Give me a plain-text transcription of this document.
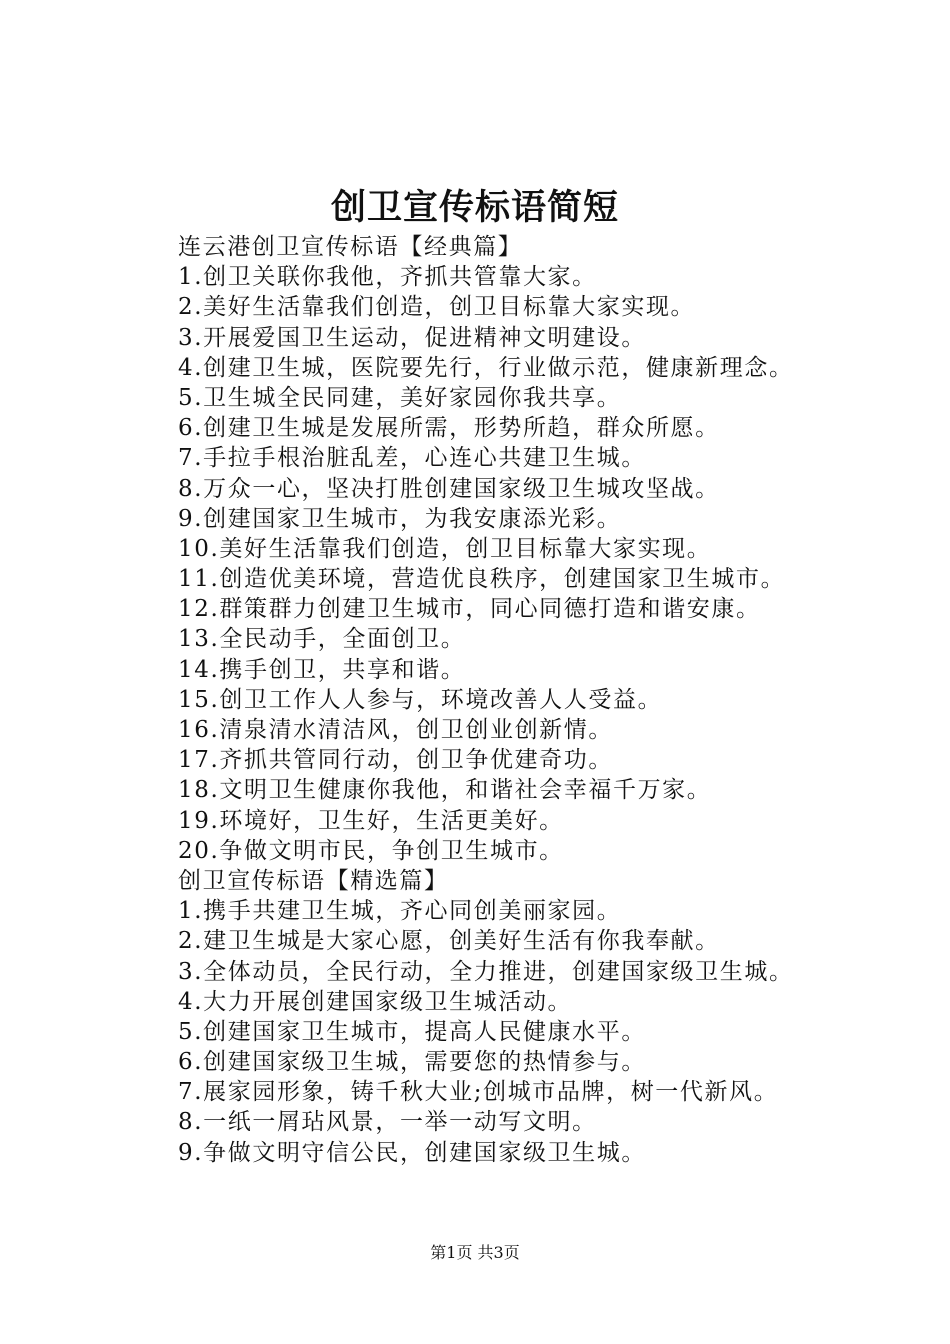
创卫宣传标语简短
连云港创卫宣传标语【经典篇】
1.创卫关联你我他，齐抓共管靠大家。
2.美好生活靠我们创造，创卫目标靠大家实现。
3.开展爱国卫生运动，促进精神文明建设。
4.创建卫生城，医院要先行，行业做示范，健康新理念。
5.卫生城全民同建，美好家园你我共享。
6.创建卫生城是发展所需，形势所趋，群众所愿。
7.手拉手根治脏乱差，心连心共建卫生城。
8.万众一心，坚决打胜创建国家级卫生城攻坚战。
9.创建国家卫生城市，为我安康添光彩。
10.美好生活靠我们创造，创卫目标靠大家实现。
11.创造优美环境，营造优良秩序，创建国家卫生城市。
12.群策群力创建卫生城市，同心同德打造和谐安康。
13.全民动手，全面创卫。
14.携手创卫，共享和谐。
15.创卫工作人人参与，环境改善人人受益。
16.清泉清水清洁风，创卫创业创新情。
17.齐抓共管同行动，创卫争优建奇功。
18.文明卫生健康你我他，和谐社会幸福千万家。
19.环境好，卫生好，生活更美好。
20.争做文明市民，争创卫生城市。
创卫宣传标语【精选篇】
1.携手共建卫生城，齐心同创美丽家园。
2.建卫生城是大家心愿，创美好生活有你我奉献。
3.全体动员，全民行动，全力推进，创建国家级卫生城。
4.大力开展创建国家级卫生城活动。
5.创建国家卫生城市，提高人民健康水平。
6.创建国家级卫生城，需要您的热情参与。
7.展家园形象，铸千秋大业;创城市品牌，树一代新风。
8.一纸一屑玷风景，一举一动写文明。
9.争做文明守信公民，创建国家级卫生城。
第1页 共3页
